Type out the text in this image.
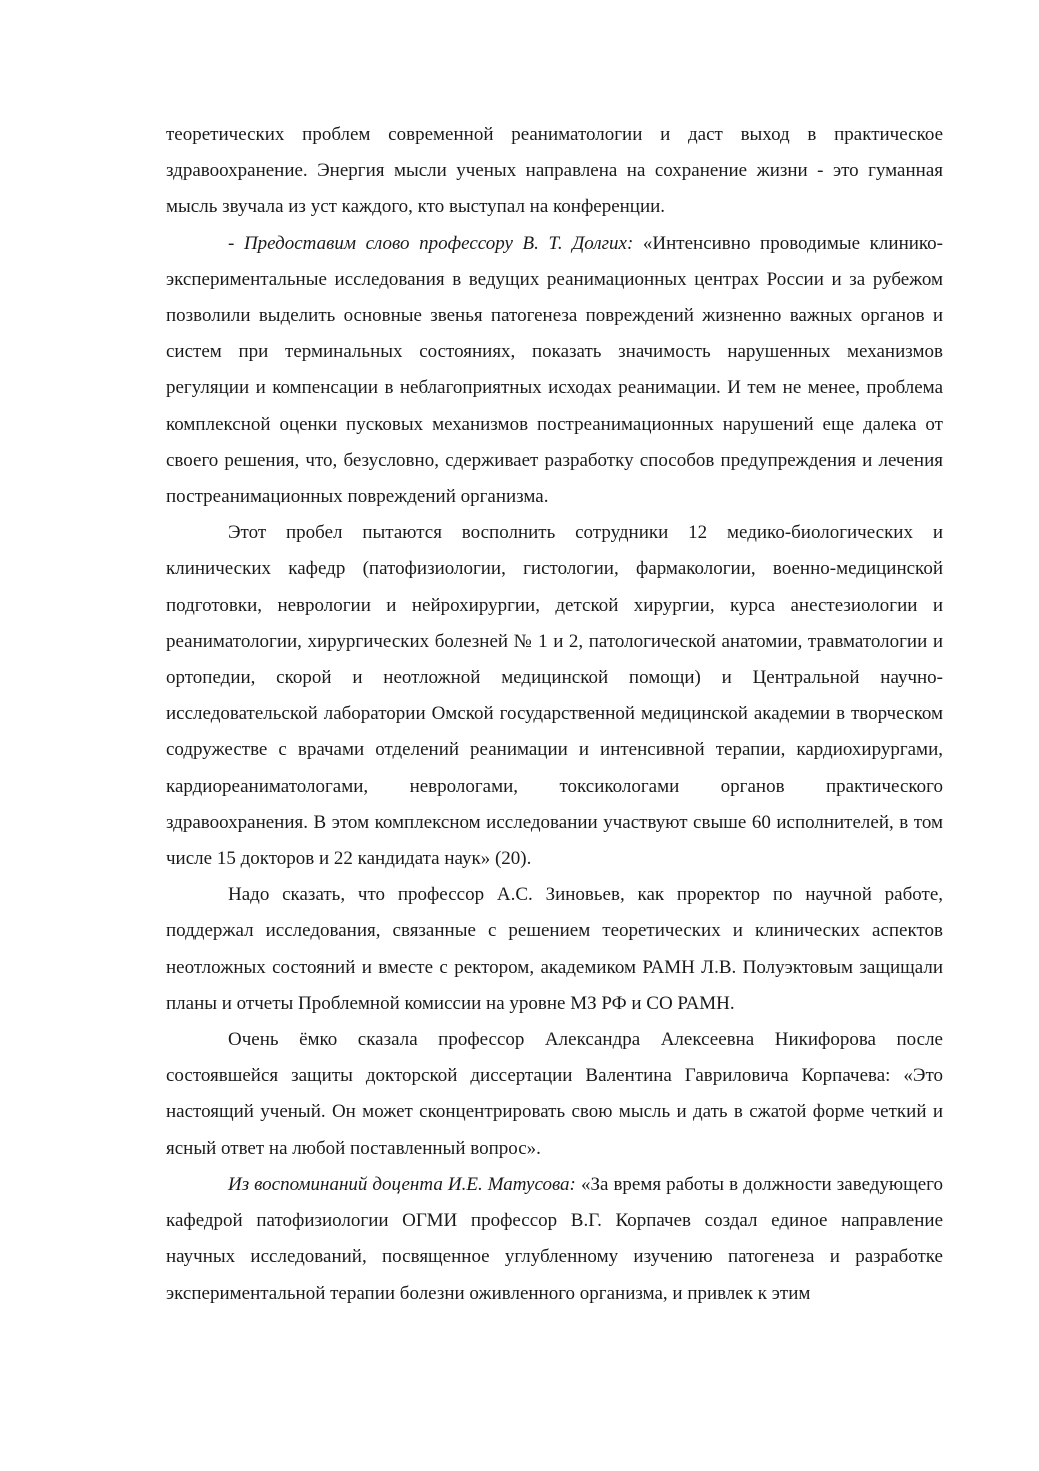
теоретических проблем современной реаниматологии и даст выход в практическое здравоохранение. Энергия мысли ученых направлена на сохранение жизни - это гуманная мысль звучала из уст каждого, кто выступал на конференции.

- Предоставим слово профессору В. Т. Долгих: «Интенсивно проводимые клинико-экспериментальные исследования в ведущих реанимационных центрах России и за рубежом позволили выделить основные звенья патогенеза повреждений жизненно важных органов и систем при терминальных состояниях, показать значимость нарушенных механизмов регуляции и компенсации в неблагоприятных исходах реанимации. И тем не менее, проблема комплексной оценки пусковых механизмов постреанимационных нарушений еще далека от своего решения, что, безусловно, сдерживает разработку способов предупреждения и лечения постреанимационных повреждений организма.

Этот пробел пытаются восполнить сотрудники 12 медико-биологических и клинических кафедр (патофизиологии, гистологии, фармакологии, военно-медицинской подготовки, неврологии и нейрохирургии, детской хирургии, курса анестезиологии и реаниматологии, хирургических болезней № 1 и 2, патологической анатомии, травматологии и ортопедии, скорой и неотложной медицинской помощи) и Центральной научно-исследовательской лаборатории Омской государственной медицинской академии в творческом содружестве с врачами отделений реанимации и интенсивной терапии, кардиохирургами, кардиореаниматологами, неврологами, токсикологами органов практического здравоохранения. В этом комплексном исследовании участвуют свыше 60 исполнителей, в том числе 15 докторов и 22 кандидата наук» (20).

Надо сказать, что профессор А.С. Зиновьев, как проректор по научной работе, поддержал исследования, связанные с решением теоретических и клинических аспектов неотложных состояний и вместе с ректором, академиком РАМН Л.В. Полуэктовым защищали планы и отчеты Проблемной комиссии на уровне МЗ РФ и СО РАМН.

Очень ёмко сказала профессор Александра Алексеевна Никифорова после состоявшейся защиты докторской диссертации Валентина Гавриловича Корпачева: «Это настоящий ученый. Он может сконцентрировать свою мысль и дать в сжатой форме четкий и ясный ответ на любой поставленный вопрос».

Из воспоминаний доцента И.Е. Матусова: «За время работы в должности заведующего кафедрой патофизиологии ОГМИ профессор В.Г. Корпачев создал единое направление научных исследований, посвященное углубленному изучению патогенеза и разработке экспериментальной терапии болезни оживленного организма, и привлек к этим
